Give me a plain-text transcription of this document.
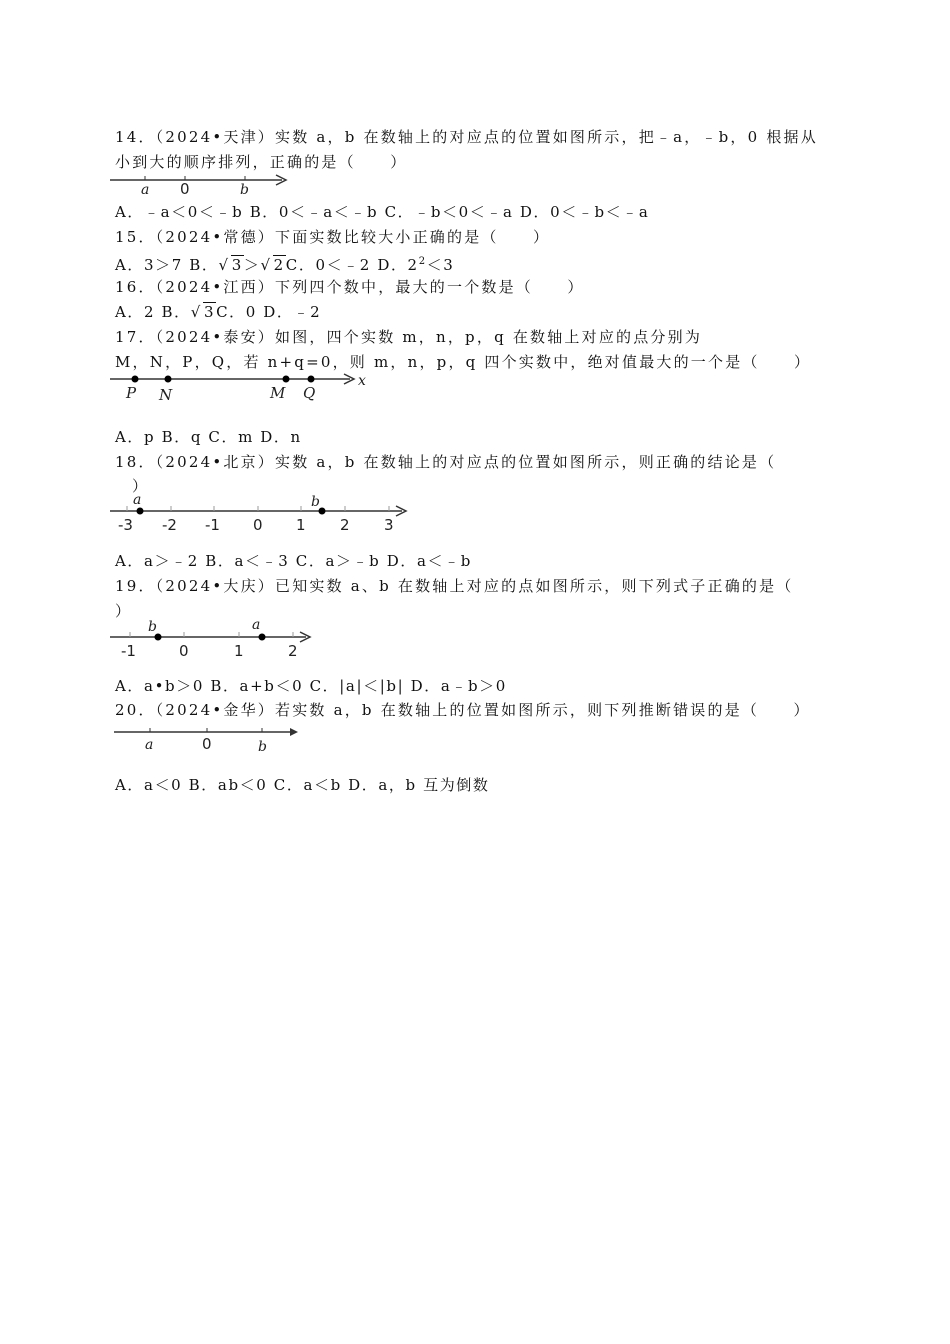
14．（2024•天津）实数 a，b 在数轴上的对应点的位置如图所示，把﹣a，﹣b，0 根据从
小到大的顺序排列，正确的是（　　）
a 0	b
A．﹣a＜0＜﹣b B．0＜﹣a＜﹣b C．﹣b＜0＜﹣a D．0＜﹣b＜﹣a
15．（2024•常德）下面实数比较大小正确的是（　　）
A．3＞7 B．√ 3＞√ 2C．0＜﹣2 D．$2^2<3$
16．（2024•江西）下列四个数中，最大的一个数是（　　）
A．2 B．√ 3C．0 D．﹣2
17．（2024•泰安）如图，四个实数 m，n，p，q 在数轴上对应的点分别为
M，N，P，Q，若 n+q=0，则 m，n，p，q 四个实数中，绝对值最大的一个是（　　）
P N	M Q
x
A．p B．q C．m D．n
18．（2024•北京）实数 a，b 在数轴上的对应点的位置如图所示，则正确的结论是（
）
a	b
-3 -2 -1 0 1 2 3
A．a＞﹣2 B．a＜﹣3 C．a＞﹣b D．a＜﹣b
19．（2024•大庆）已知实数 a、b 在数轴上对应的点如图所示，则下列式子正确的是（
）
b	a
-1	0	1	2
A．a•b＞0 B．a+b＜0 C．|a|＜|b| D．a﹣b＞0
20．（2024•金华）若实数 a，b 在数轴上的位置如图所示，则下列推断错误的是（　　）
a	0	b
A．a＜0 B．ab＜0 C．a＜b D．a，b 互为倒数
